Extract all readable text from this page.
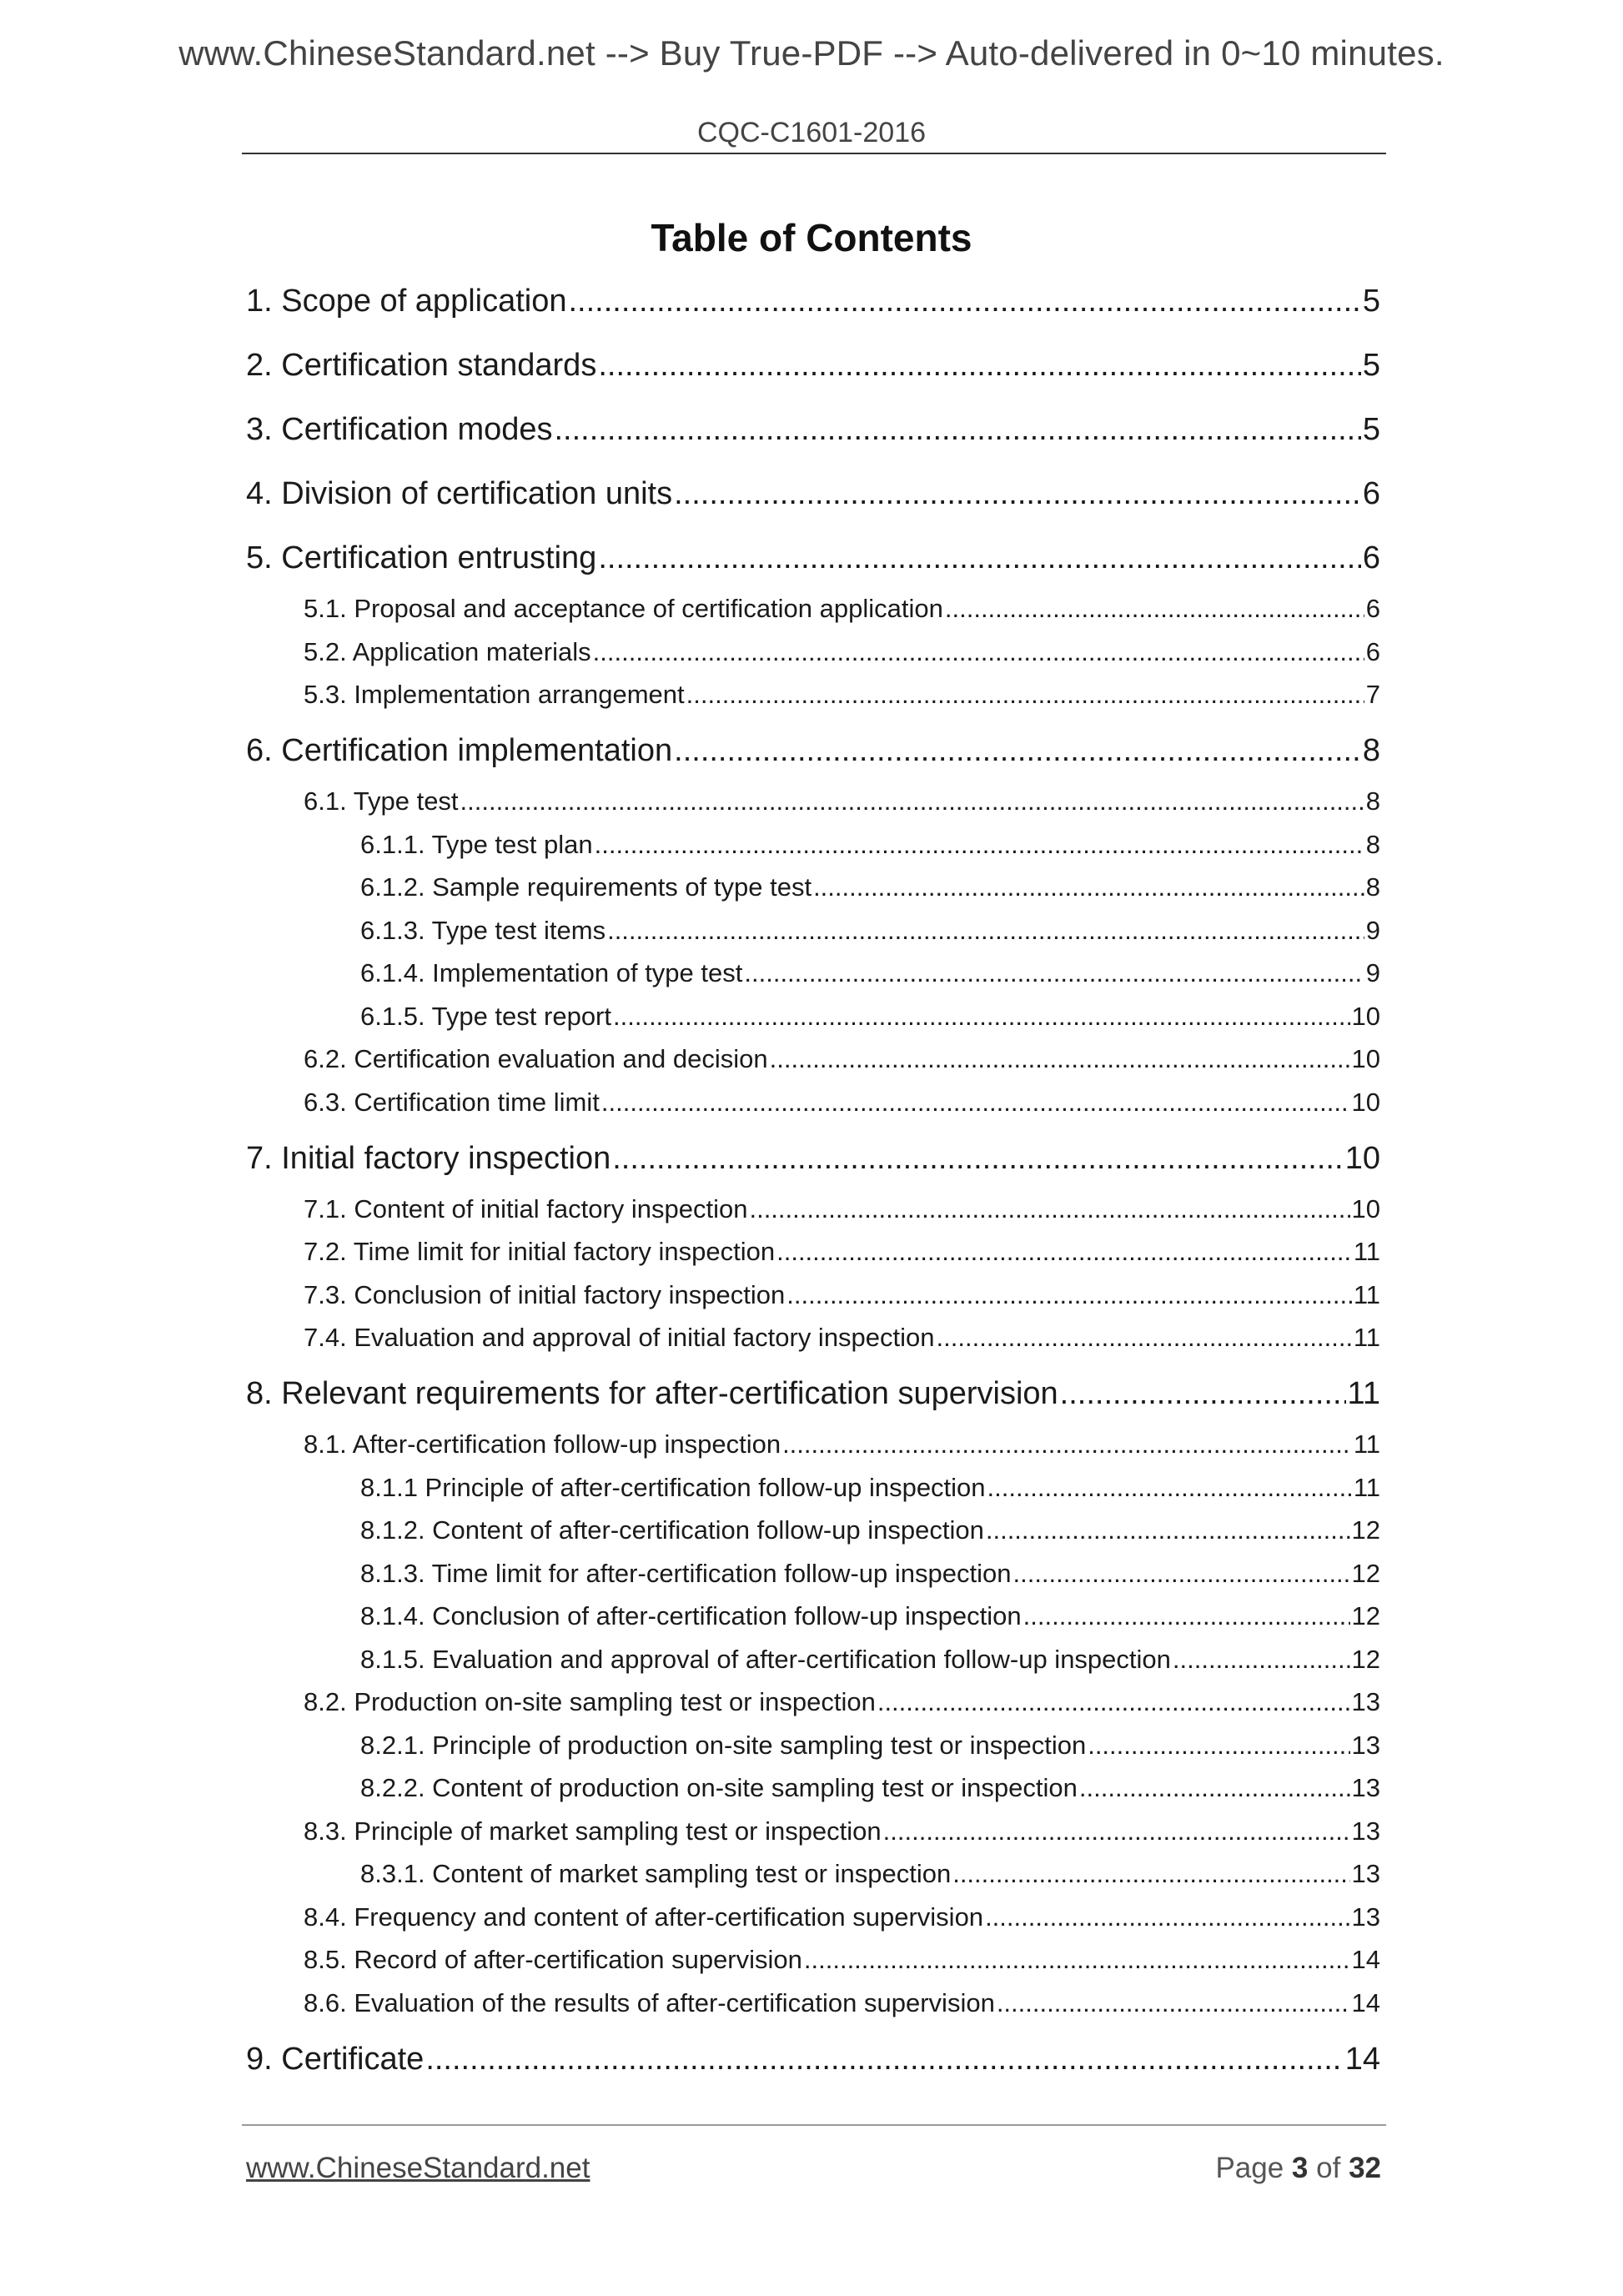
www.ChineseStandard.net --> Buy True-PDF --> Auto-delivered in 0~10 minutes.
CQC-C1601-2016
Table of Contents
1. Scope of application .....	5
2. Certification standards .....	5
3. Certification modes .....	5
4. Division of certification units .....	6
5. Certification entrusting .....	6
5.1. Proposal and acceptance of certification application .....	6
5.2. Application materials .....	6
5.3. Implementation arrangement .....	7
6. Certification implementation .....	8
6.1. Type test .....	8
6.1.1. Type test plan .....	8
6.1.2. Sample requirements of type test .....	8
6.1.3. Type test items .....	9
6.1.4. Implementation of type test .....	9
6.1.5. Type test report .....	10
6.2. Certification evaluation and decision .....	10
6.3. Certification time limit .....	10
7. Initial factory inspection .....	10
7.1. Content of initial factory inspection .....	10
7.2. Time limit for initial factory inspection .....	11
7.3. Conclusion of initial factory inspection .....	11
7.4. Evaluation and approval of initial factory inspection .....	11
8. Relevant requirements for after-certification supervision .....	11
8.1. After-certification follow-up inspection .....	11
8.1.1 Principle of after-certification follow-up inspection .....	11
8.1.2. Content of after-certification follow-up inspection .....	12
8.1.3. Time limit for after-certification follow-up inspection .....	12
8.1.4. Conclusion of after-certification follow-up inspection .....	12
8.1.5. Evaluation and approval of after-certification follow-up inspection .....	12
8.2. Production on-site sampling test or inspection .....	13
8.2.1. Principle of production on-site sampling test or inspection .....	13
8.2.2. Content of production on-site sampling test or inspection .....	13
8.3. Principle of market sampling test or inspection .....	13
8.3.1. Content of market sampling test or inspection .....	13
8.4. Frequency and content of after-certification supervision .....	13
8.5. Record of after-certification supervision .....	14
8.6. Evaluation of the results of after-certification supervision .....	14
9. Certificate .....	14
www.ChineseStandard.net	Page 3 of 32
